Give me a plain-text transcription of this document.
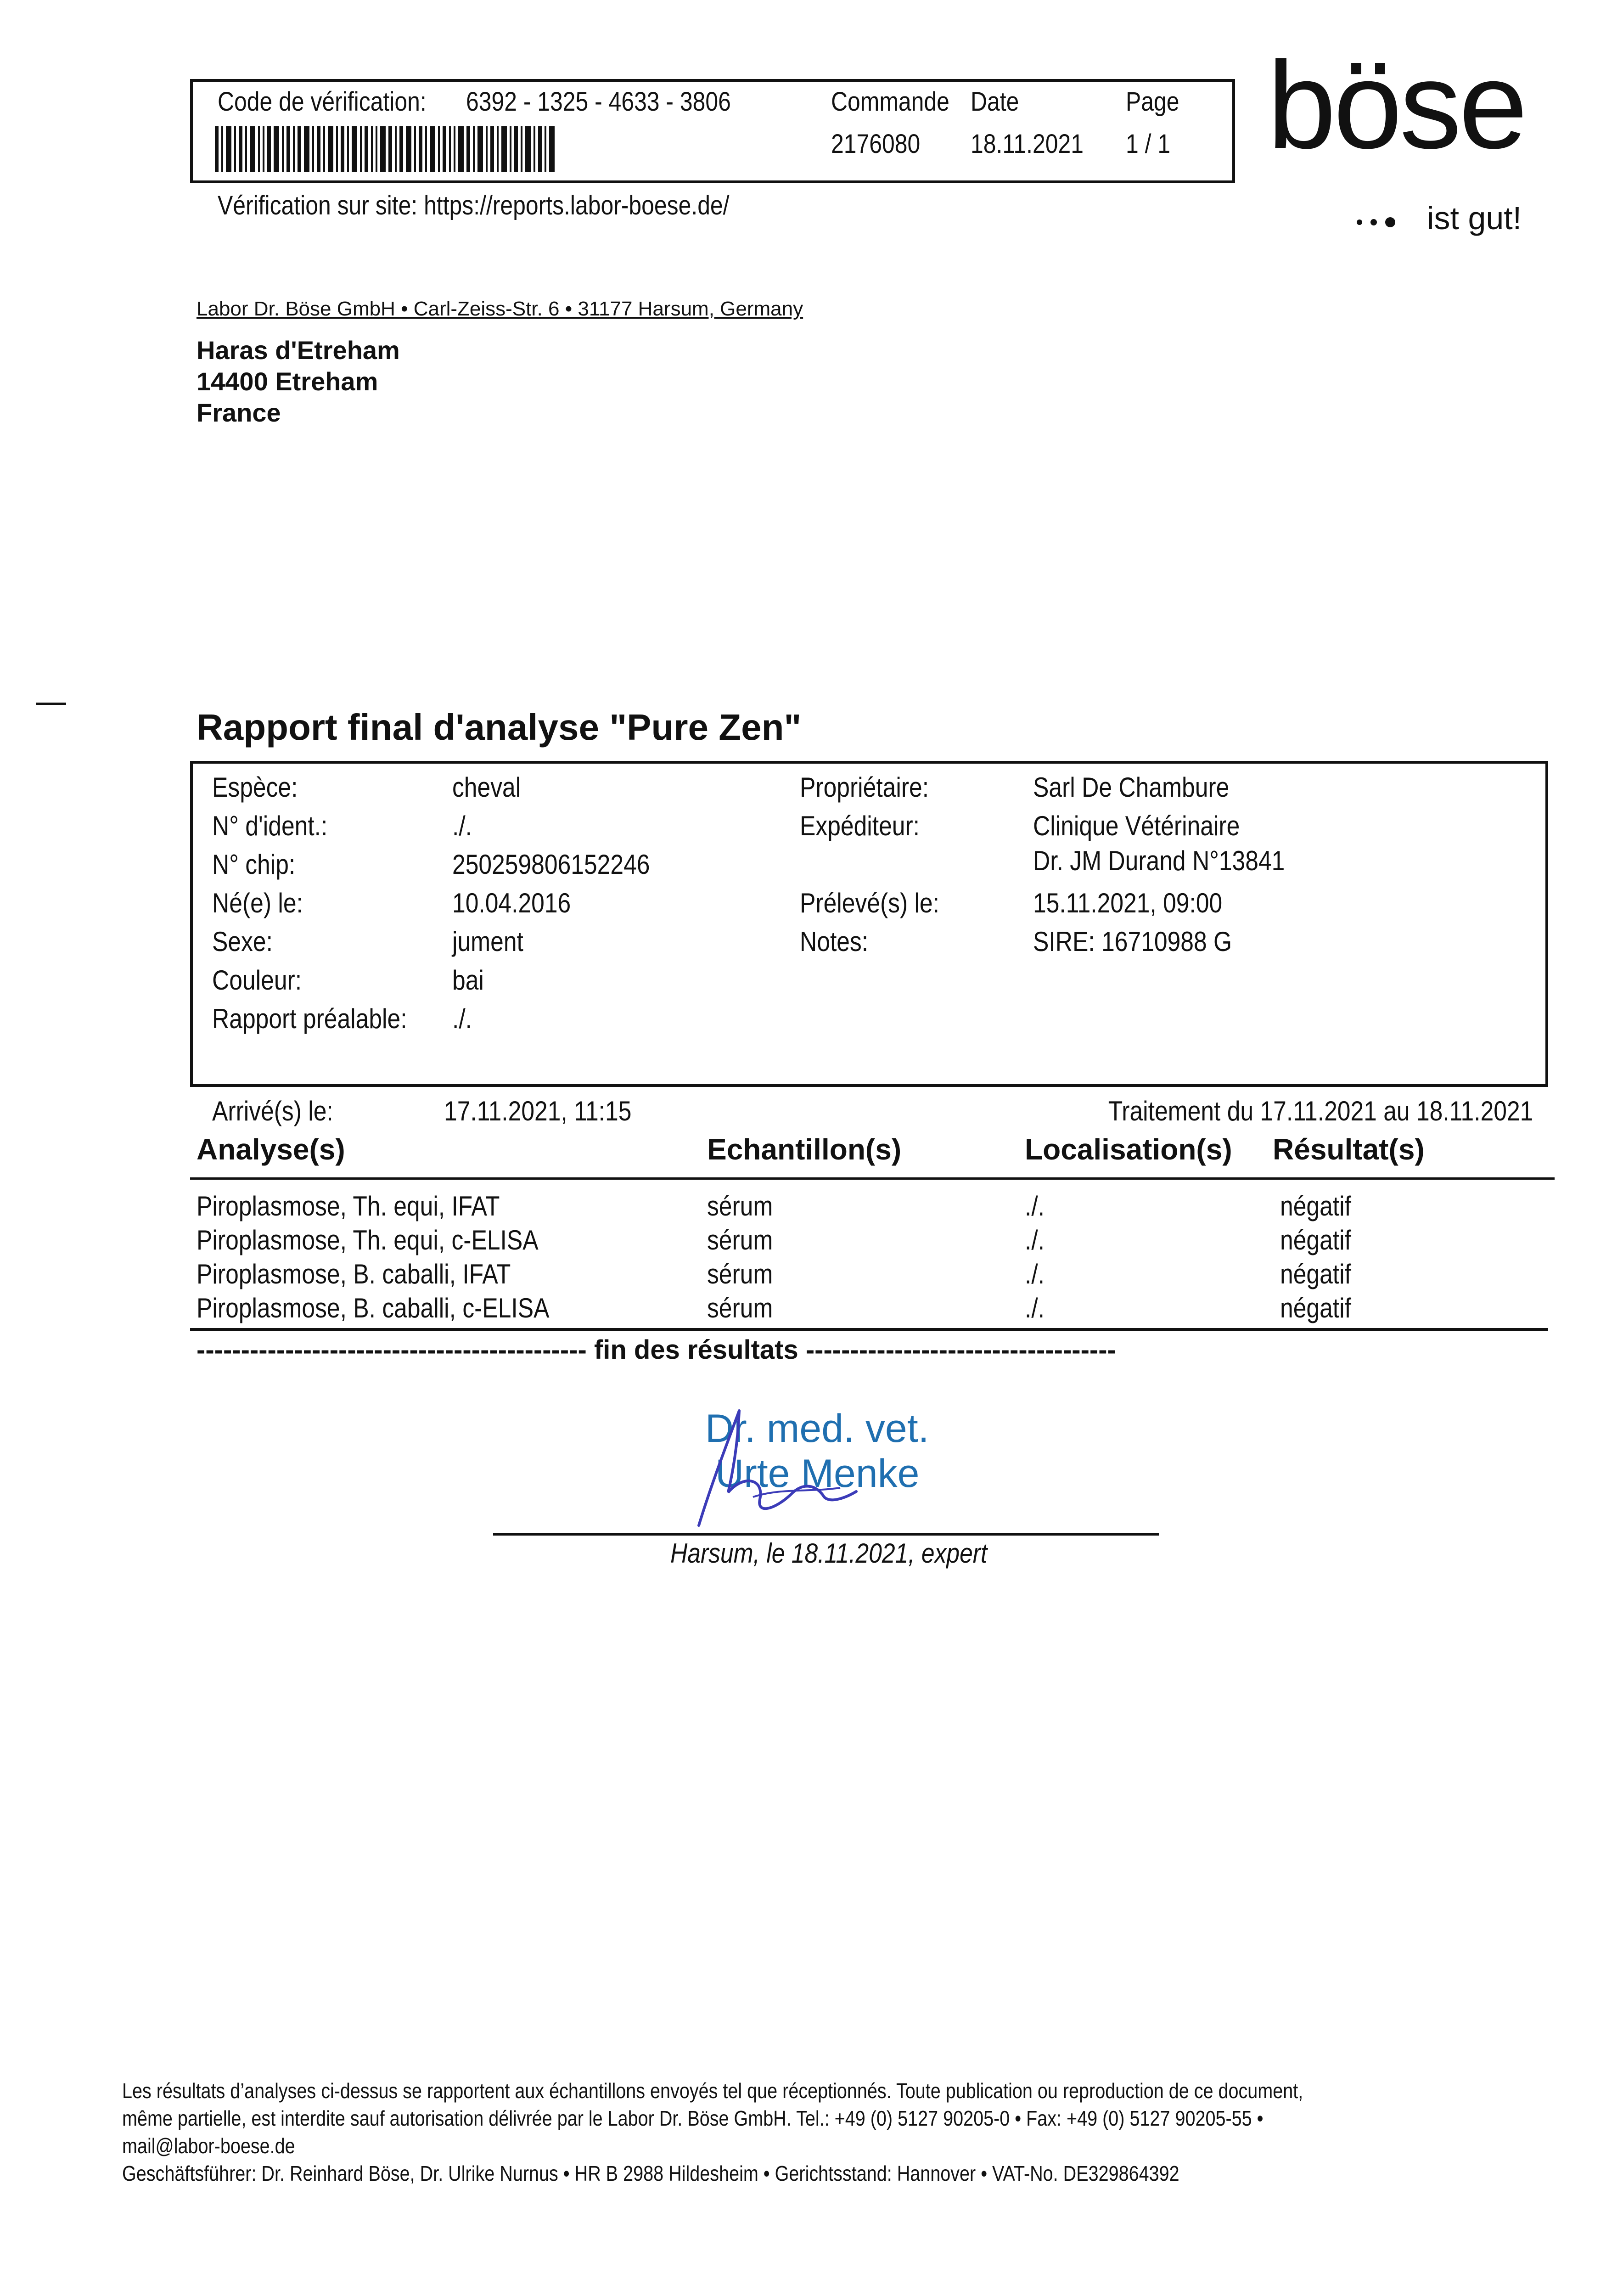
Code de vérification: 6392 - 1325 - 4633 - 3806	Commande Date	Page
2176080 18.11.2021 1 / 1
Vérification sur site: https://reports.labor-boese.de/
böse
ist gut!
Labor Dr. Böse GmbH • Carl-Zeiss-Str. 6 • 31177 Harsum, Germany
Haras d'Etreham
14400 Etreham
France
Rapport final d'analyse "Pure Zen"
Espèce:	cheval
N° d'ident.:	./.
N° chip:	250259806152246
Né(e) le:	10.04.2016
Sexe:	jument
Couleur:	bai
Rapport préalable: ./.
Propriétaire:	Sarl De Chambure
Expéditeur:	Clinique Vétérinaire
Dr. JM Durand N°13841
Prélevé(s) le:	15.11.2021, 09:00
Notes:	SIRE: 16710988 G
Arrivé(s) le:	17.11.2021, 11:15	Traitement du 17.11.2021 au 18.11.2021
Analyse(s)	Echantillon(s)	Localisation(s) Résultat(s)
Piroplasmose, Th. equi, IFAT	sérum	./.	négatif
Piroplasmose, Th. equi, c-ELISA	sérum	./.	négatif
Piroplasmose, B. caballi, IFAT	sérum	./.	négatif
Piroplasmose, B. caballi, c-ELISA	sérum	./.	négatif
-------------------------------------------- fin des résultats -----------------------------------
Dr. med. vet.
Urte Menke
Harsum, le 18.11.2021, expert
Les résultats d’analyses ci-dessus se rapportent aux échantillons envoyés tel que réceptionnés. Toute publication ou reproduction de ce document,
même partielle, est interdite sauf autorisation délivrée par le Labor Dr. Böse GmbH. Tel.: +49 (0) 5127 90205-0 • Fax: +49 (0) 5127 90205-55 •
mail@labor-boese.de
Geschäftsführer: Dr. Reinhard Böse, Dr. Ulrike Nurnus • HR B 2988 Hildesheim • Gerichtsstand: Hannover • VAT-No. DE329864392
